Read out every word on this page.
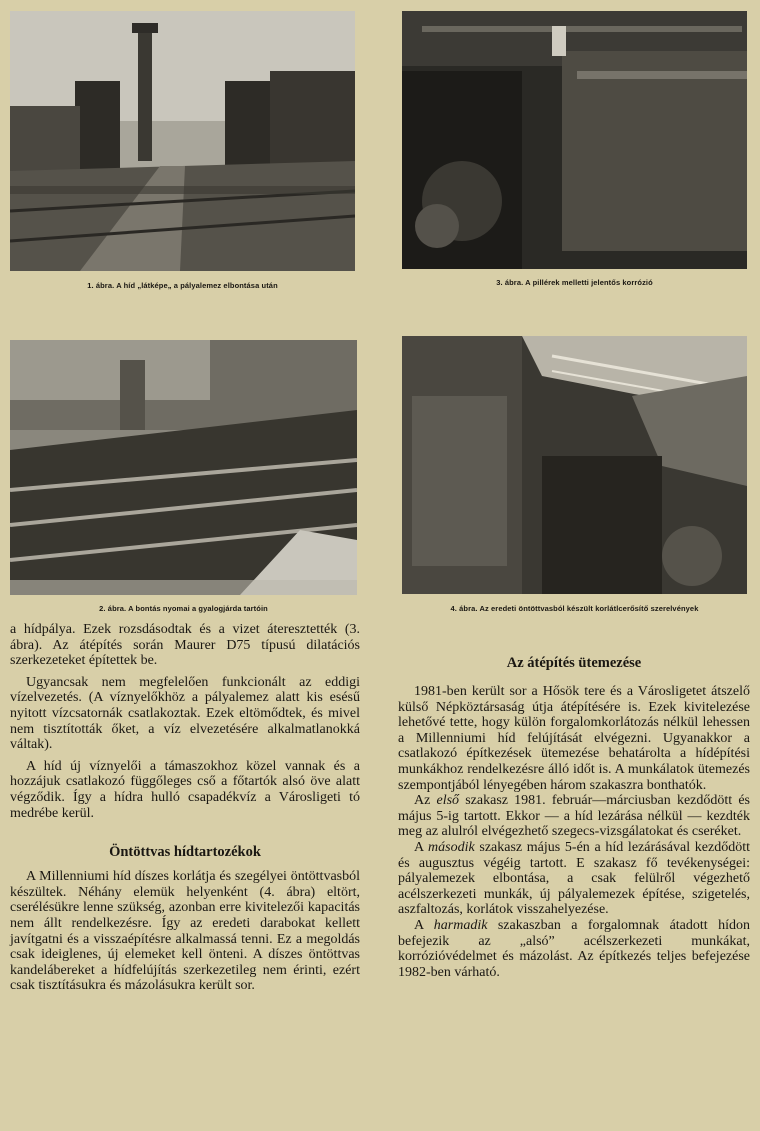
1. ábra. A híd „látképe„ a pályalemez elbontása után	3. ábra. A pillérek melletti jelentős korrózió
2. ábra. A bontás nyomai a gyalogjárda tartóin	4. ábra. Az eredeti öntöttvasból készült korlátlcerősítő szerelvények

a hídpálya. Ezek rozsdásodtak és a vizet áteresztették (3. ábra). Az átépítés során Maurer D75 típusú dilatációs szerkezeteket építettek be.

Ugyancsak nem megfelelően funkcionált az eddigi vízelvezetés. (A víznyelőkhöz a pályalemez alatt kis esésű nyitott vízcsatornák csatlakoztak. Ezek eltömődtek, és mivel nem tisztították őket, a víz elvezetésére alkalmatlanokká váltak).

A híd új víznyelői a támaszokhoz közel vannak és a hozzájuk csatlakozó függőleges cső a főtartók alsó öve alatt végződik. Így a hídra hulló csapadékvíz a Városligeti tó medrébe kerül.

Öntöttvas hídtartozékok

A Millenniumi híd díszes korlátja és szegélyei öntöttvasból készültek. Néhány elemük helyenként (4. ábra) eltört, cserélésükre lenne szükség, azonban erre kivitelezői kapacitás nem állt rendelkezésre. Így az eredeti darabokat kellett javítgatni és a visszaépítésre alkalmassá tenni. Ez a megoldás csak ideiglenes, új elemeket kell önteni. A díszes öntöttvas kandelábereket a hídfelújítás szerkezetileg nem érinti, ezért csak tisztításukra és mázolásukra került sor.

Az átépítés ütemezése

1981-ben került sor a Hősök tere és a Városligetet átszelő külső Népköztársaság útja átépítésére is. Ezek kivitelezése lehetővé tette, hogy külön forgalomkorlátozás nélkül lehessen a Millenniumi híd felújítását elvégezni. Ugyanakkor a csatlakozó építkezések ütemezése behatárolta a hídépítési munkákhoz rendelkezésre álló időt is. A munkálatok ütemezés szempontjából lényegében három szakaszra bonthatók.

Az első szakasz 1981. február—márciusban kezdődött és május 5-ig tartott. Ekkor — a híd lezárása nélkül — kezdték meg az alulról elvégezhető szegecs-vizsgálatokat és cseréket.

A második szakasz május 5-én a híd lezárásával kezdődött és augusztus végéig tartott. E szakasz fő tevékenységei: pályalemezek elbontása, a csak felülről végezhető acélszerkezeti munkák, új pályalemezek építése, szigetelés, aszfaltozás, korlátok visszahelyezése.

A harmadik szakaszban a forgalomnak átadott hídon befejezik az „alsó” acélszerkezeti munkákat, korrózióvédelmet és mázolást. Az építkezés teljes befejezése 1982-ben várható.
